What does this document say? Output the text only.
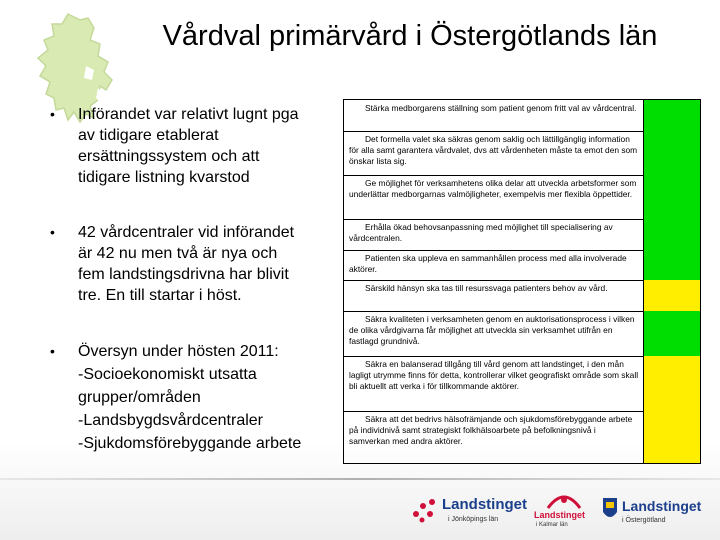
Vårdval primärvård i Östergötlands län
• Införandet var relativt lugnt pga
av tidigare etablerat
ersättningssystem och att
tidigare listning kvarstod
• 42 vårdcentraler vid införandet
är 42 nu men två är nya och
fem landstingsdrivna har blivit
tre. En till startar i höst.
• Översyn under hösten 2011:
-Socioekonomiskt utsatta
grupper/områden
-Landsbygdsvårdcentraler
-Sjukdomsförebyggande arbete
Stärka medborgarens ställning som patient genom fritt val av vårdcentral.
Det formella valet ska säkras genom saklig och lättillgänglig information för alla samt garantera vårdvalet, dvs att vårdenheten måste ta emot den som önskar lista sig.
Ge möjlighet för verksamhetens olika delar att utveckla arbetsformer som underlättar medborgarnas valmöjligheter, exempelvis mer flexibla öppettider.
Erhålla ökad behovsanpassning med möjlighet till specialisering av vårdcentralen.
Patienten ska uppleva en sammanhållen process med alla involverade aktörer.
Särskild hänsyn ska tas till resurssvaga patienters behov av vård.
Säkra kvaliteten i verksamheten genom en auktorisationsprocess i vilken de olika vårdgivarna får möjlighet att utveckla sin verksamhet utifrån en fastlagd grundnivå.
Säkra en balanserad tillgång till vård genom att landstinget, i den mån lagligt utrymme finns för detta, kontrollerar vilket geografiskt område som skall bli aktuellt att verka i för tillkommande aktörer.
Säkra att det bedrivs hälsofrämjande och sjukdomsförebyggande arbete på individnivå samt strategiskt folkhälsoarbete på befolkningsnivå i samverkan med andra aktörer.
Landstinget
i Jönköpings län	Landstinget
i Kalmar län
Landstinget
i Östergötland
